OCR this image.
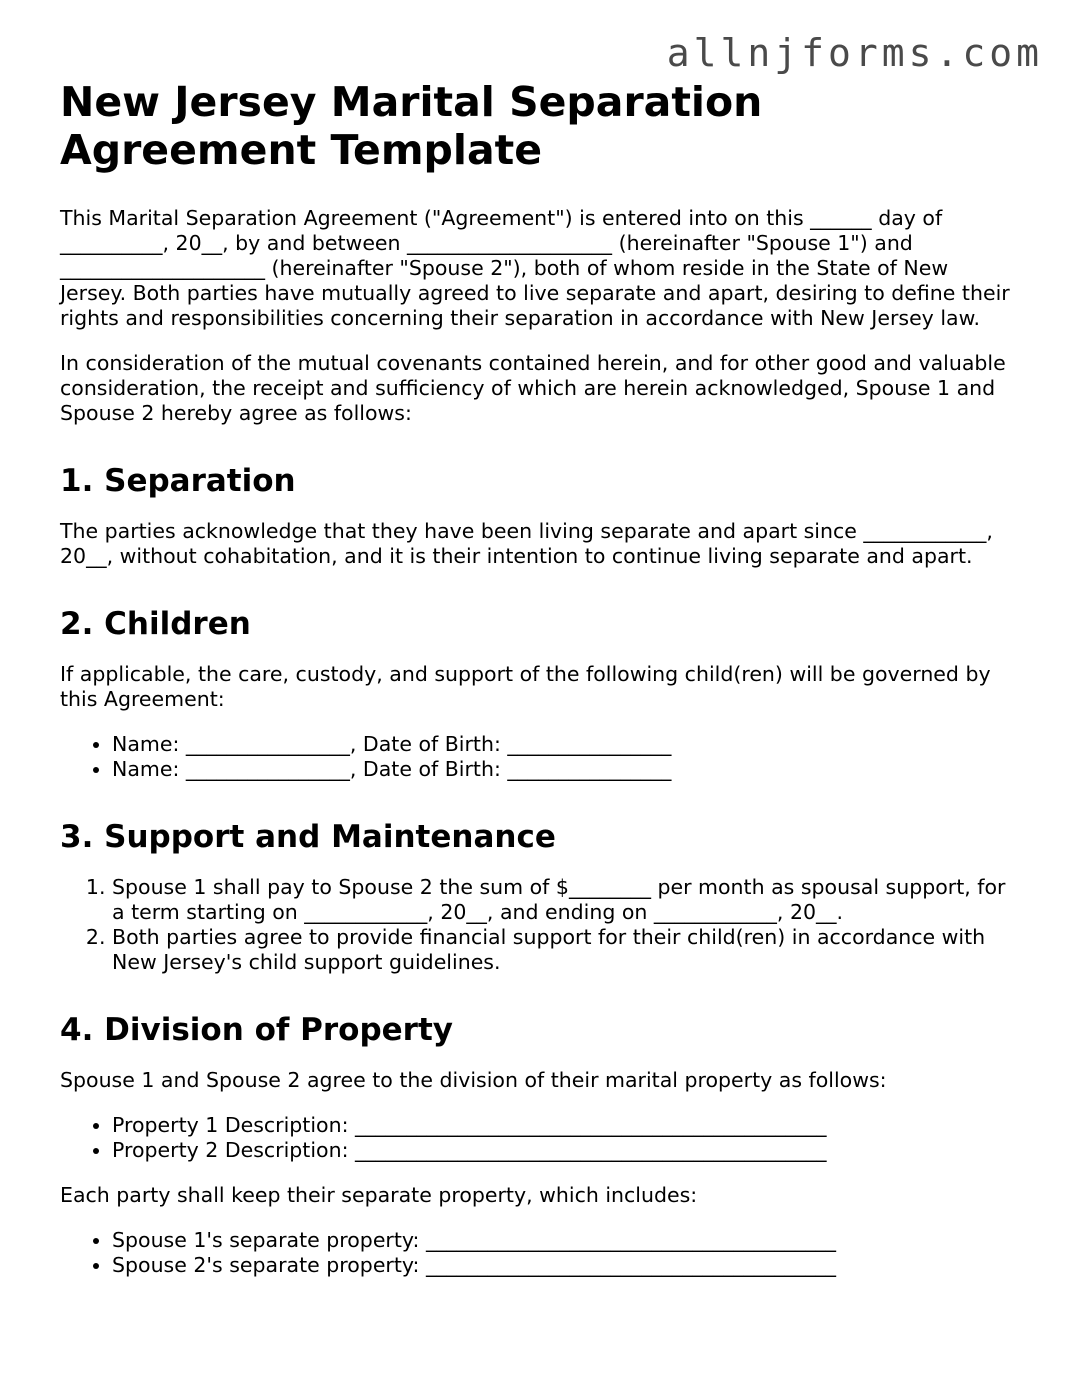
allnjforms.com
New Jersey Marital Separation Agreement Template

This Marital Separation Agreement ("Agreement") is entered into on this ______ day of __________, 20__, by and between ____________________ (hereinafter "Spouse 1") and ____________________ (hereinafter "Spouse 2"), both of whom reside in the State of New Jersey. Both parties have mutually agreed to live separate and apart, desiring to define their rights and responsibilities concerning their separation in accordance with New Jersey law.

In consideration of the mutual covenants contained herein, and for other good and valuable consideration, the receipt and sufficiency of which are herein acknowledged, Spouse 1 and Spouse 2 hereby agree as follows:

1. Separation

The parties acknowledge that they have been living separate and apart since ____________, 20__, without cohabitation, and it is their intention to continue living separate and apart.

2. Children

If applicable, the care, custody, and support of the following child(ren) will be governed by this Agreement:

• Name: ________________, Date of Birth: ________________
• Name: ________________, Date of Birth: ________________
3. Support and Maintenance
1. Spouse 1 shall pay to Spouse 2 the sum of $________ per month as spousal support, for a term starting on ____________, 20__, and ending on ____________, 20__.
2. Both parties agree to provide financial support for their child(ren) in accordance with New Jersey's child support guidelines.
4. Division of Property

Spouse 1 and Spouse 2 agree to the division of their marital property as follows:

• Property 1 Description: ______________________________________________
• Property 2 Description: ______________________________________________

Each party shall keep their separate property, which includes:

• Spouse 1's separate property: ________________________________________
• Spouse 2's separate property: ________________________________________
